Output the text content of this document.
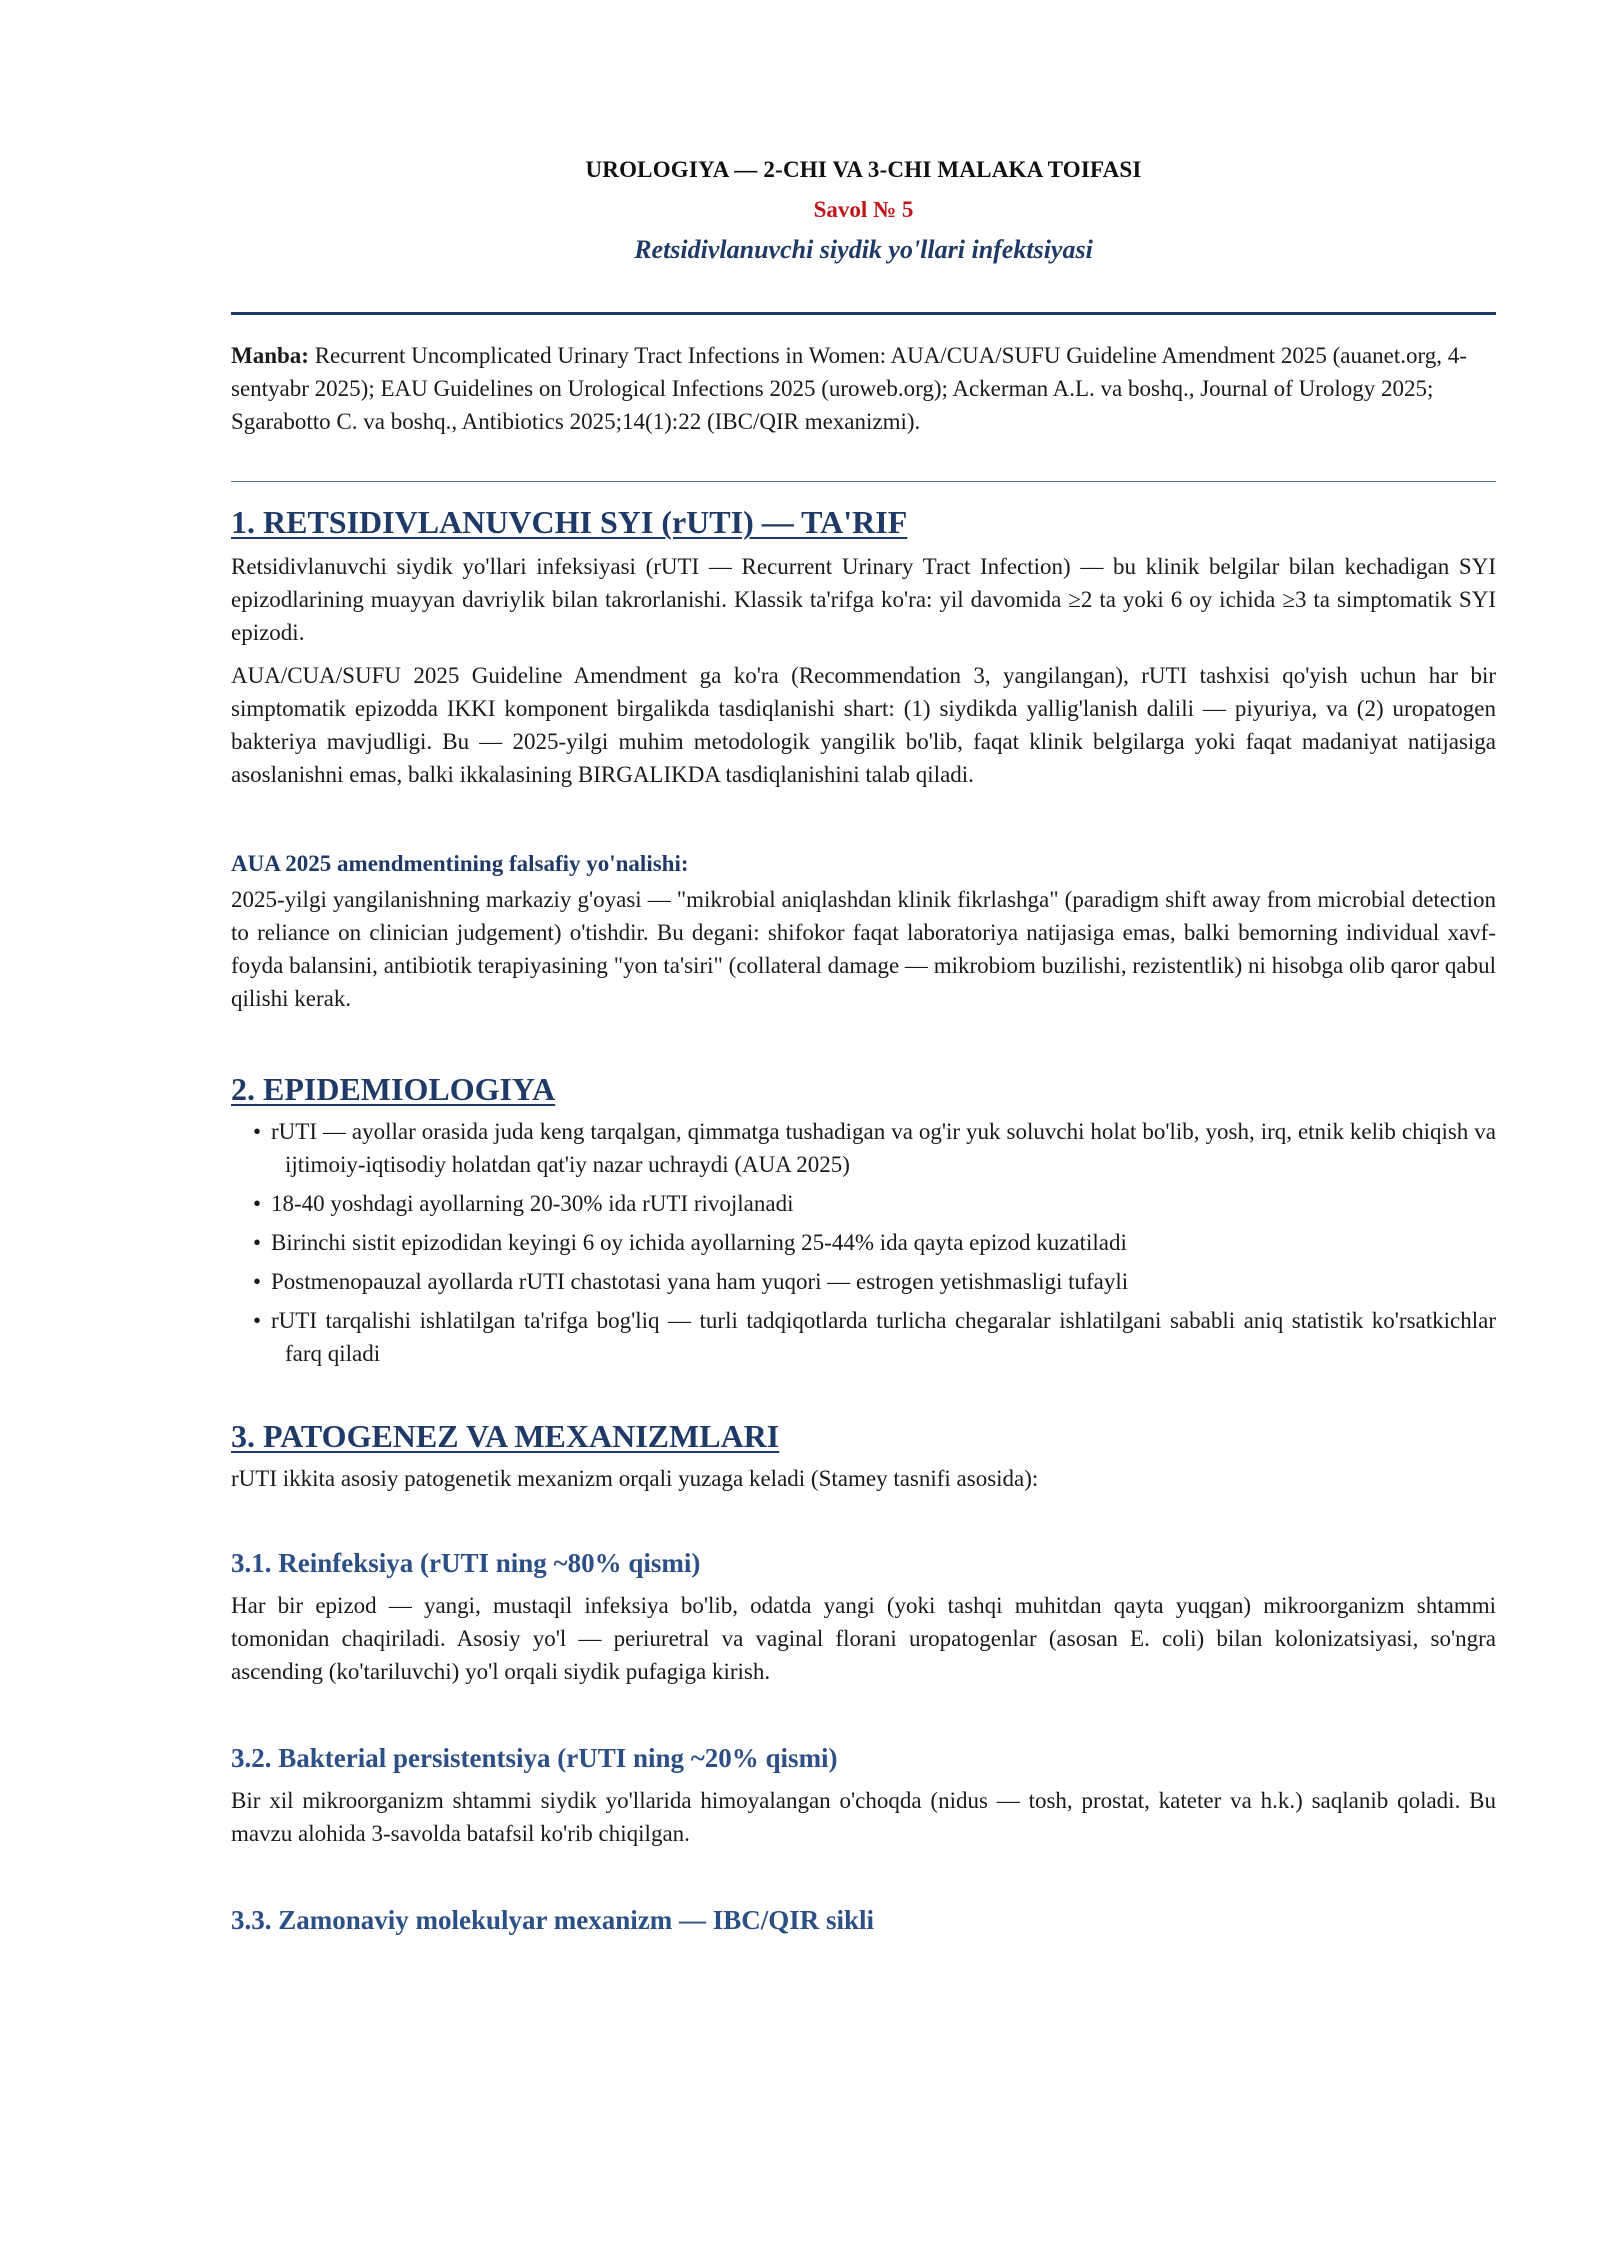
UROLOGIYA — 2-CHI VA 3-CHI MALAKA TOIFASI

Savol № 5

Retsidivlanuvchi siydik yo'llari infektsiyasi

Manba: Recurrent Uncomplicated Urinary Tract Infections in Women: AUA/CUA/SUFU Guideline Amendment 2025 (auanet.org, 4-sentyabr 2025); EAU Guidelines on Urological Infections 2025 (uroweb.org); Ackerman A.L. va boshq., Journal of Urology 2025; Sgarabotto C. va boshq., Antibiotics 2025;14(1):22 (IBC/QIR mexanizmi).
1. RETSIDIVLANUVCHI SYI (rUTI) — TA'RIF

Retsidivlanuvchi siydik yo'llari infeksiyasi (rUTI — Recurrent Urinary Tract Infection) — bu klinik belgilar bilan kechadigan SYI epizodlarining muayyan davriylik bilan takrorlanishi. Klassik ta'rifga ko'ra: yil davomida ≥2 ta yoki 6 oy ichida ≥3 ta simptomatik SYI epizodi.

AUA/CUA/SUFU 2025 Guideline Amendment ga ko'ra (Recommendation 3, yangilangan), rUTI tashxisi qo'yish uchun har bir simptomatik epizodda IKKI komponent birgalikda tasdiqlanishi shart: (1) siydikda yallig'lanish dalili — piyuriya, va (2) uropatogen bakteriya mavjudligi. Bu — 2025-yilgi muhim metodologik yangilik bo'lib, faqat klinik belgilarga yoki faqat madaniyat natijasiga asoslanishni emas, balki ikkalasining BIRGALIKDA tasdiqlanishini talab qiladi.

AUA 2025 amendmentining falsafiy yo'nalishi:

2025-yilgi yangilanishning markaziy g'oyasi — "mikrobial aniqlashdan klinik fikrlashga" (paradigm shift away from microbial detection to reliance on clinician judgement) o'tishdir. Bu degani: shifokor faqat laboratoriya natijasiga emas, balki bemorning individual xavf-foyda balansini, antibiotik terapiyasining "yon ta'siri" (collateral damage — mikrobiom buzilishi, rezistentlik) ni hisobga olib qaror qabul qilishi kerak.

2. EPIDEMIOLOGIYA
• rUTI — ayollar orasida juda keng tarqalgan, qimmatga tushadigan va og'ir yuk soluvchi holat bo'lib, yosh, irq, etnik kelib chiqish va ijtimoiy-iqtisodiy holatdan qat'iy nazar uchraydi (AUA 2025)
• 18-40 yoshdagi ayollarning 20-30% ida rUTI rivojlanadi
• Birinchi sistit epizodidan keyingi 6 oy ichida ayollarning 25-44% ida qayta epizod kuzatiladi
• Postmenopauzal ayollarda rUTI chastotasi yana ham yuqori — estrogen yetishmasligi tufayli
• rUTI tarqalishi ishlatilgan ta'rifga bog'liq — turli tadqiqotlarda turlicha chegaralar ishlatilgani sababli aniq statistik ko'rsatkichlar farq qiladi
3. PATOGENEZ VA MEXANIZMLARI

rUTI ikkita asosiy patogenetik mexanizm orqali yuzaga keladi (Stamey tasnifi asosida):

3.1. Reinfeksiya (rUTI ning ~80% qismi)

Har bir epizod — yangi, mustaqil infeksiya bo'lib, odatda yangi (yoki tashqi muhitdan qayta yuqgan) mikroorganizm shtammi tomonidan chaqiriladi. Asosiy yo'l — periuretral va vaginal florani uropatogenlar (asosan E. coli) bilan kolonizatsiyasi, so'ngra ascending (ko'tariluvchi) yo'l orqali siydik pufagiga kirish.

3.2. Bakterial persistentsiya (rUTI ning ~20% qismi)

Bir xil mikroorganizm shtammi siydik yo'llarida himoyalangan o'choqda (nidus — tosh, prostat, kateter va h.k.) saqlanib qoladi. Bu mavzu alohida 3-savolda batafsil ko'rib chiqilgan.

3.3. Zamonaviy molekulyar mexanizm — IBC/QIR sikli
